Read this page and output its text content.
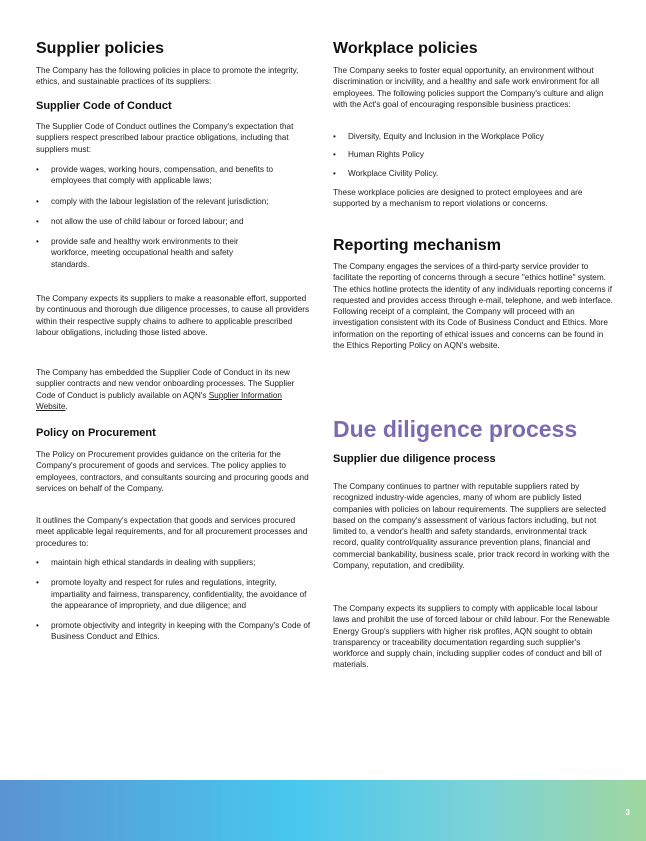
Supplier policies

The Company has the following policies in place to promote the integrity, ethics, and sustainable practices of its suppliers:

Supplier Code of Conduct

The Supplier Code of Conduct outlines the Company's expectation that suppliers respect prescribed labour practice obligations, including that suppliers must:

• provide wages, working hours, compensation, and benefits to employees that comply with applicable laws;
• comply with the labour legislation of the relevant jurisdiction;
• not allow the use of child labour or forced labour; and
• provide safe and healthy work environments to their workforce, meeting occupational health and safety standards.

The Company expects its suppliers to make a reasonable effort, supported by continuous and thorough due diligence processes, to cause all providers within their respective supply chains to adhere to applicable prescribed labour obligations, including those listed above.

The Company has embedded the Supplier Code of Conduct in its new supplier contracts and new vendor onboarding processes. The Supplier Code of Conduct is publicly available on AQN's Supplier Information Website.

Policy on Procurement

The Policy on Procurement provides guidance on the criteria for the Company's procurement of goods and services. The policy applies to employees, contractors, and consultants sourcing and procuring goods and services on behalf of the Company.

It outlines the Company's expectation that goods and services procured meet applicable legal requirements, and for all procurement processes and procedures to:

• maintain high ethical standards in dealing with suppliers;
• promote loyalty and respect for rules and regulations, integrity, impartiality and fairness, transparency, confidentiality, the avoidance of the appearance of impropriety, and due diligence; and
• promote objectivity and integrity in keeping with the Company's Code of Business Conduct and Ethics.
Workplace policies

The Company seeks to foster equal opportunity, an environment without discrimination or incivility, and a healthy and safe work environment for all employees. The following policies support the Company's culture and align with the Act's goal of encouraging responsible business practices:

• Diversity, Equity and Inclusion in the Workplace Policy
• Human Rights Policy
• Workplace Civility Policy.

These workplace policies are designed to protect employees and are supported by a mechanism to report violations or concerns.

Reporting mechanism

The Company engages the services of a third-party service provider to facilitate the reporting of concerns through a secure "ethics hotline" system. The ethics hotline protects the identity of any individuals reporting concerns if requested and provides access through e-mail, telephone, and web interface. Following receipt of a complaint, the Company will proceed with an investigation consistent with its Code of Business Conduct and Ethics. More information on the reporting of ethical issues and concerns can be found in the Ethics Reporting Policy on AQN's website.

Due diligence process
Supplier due diligence process

The Company continues to partner with reputable suppliers rated by recognized industry-wide agencies, many of whom are publicly listed companies with policies on labour requirements. The suppliers are selected based on the company's assessment of various factors including, but not limited to, a vendor's health and safety standards, environmental track record, quality control/quality assurance prevention plans, financial and commercial bankability, business scale, prior track record in working with the Company, reputation, and credibility.

The Company expects its suppliers to comply with applicable local labour laws and prohibit the use of forced labour or child labour. For the Renewable Energy Group's suppliers with higher risk profiles, AQN sought to obtain transparency or traceability documentation regarding such supplier's workforce and supply chain, including supplier codes of conduct and bill of materials.

3
